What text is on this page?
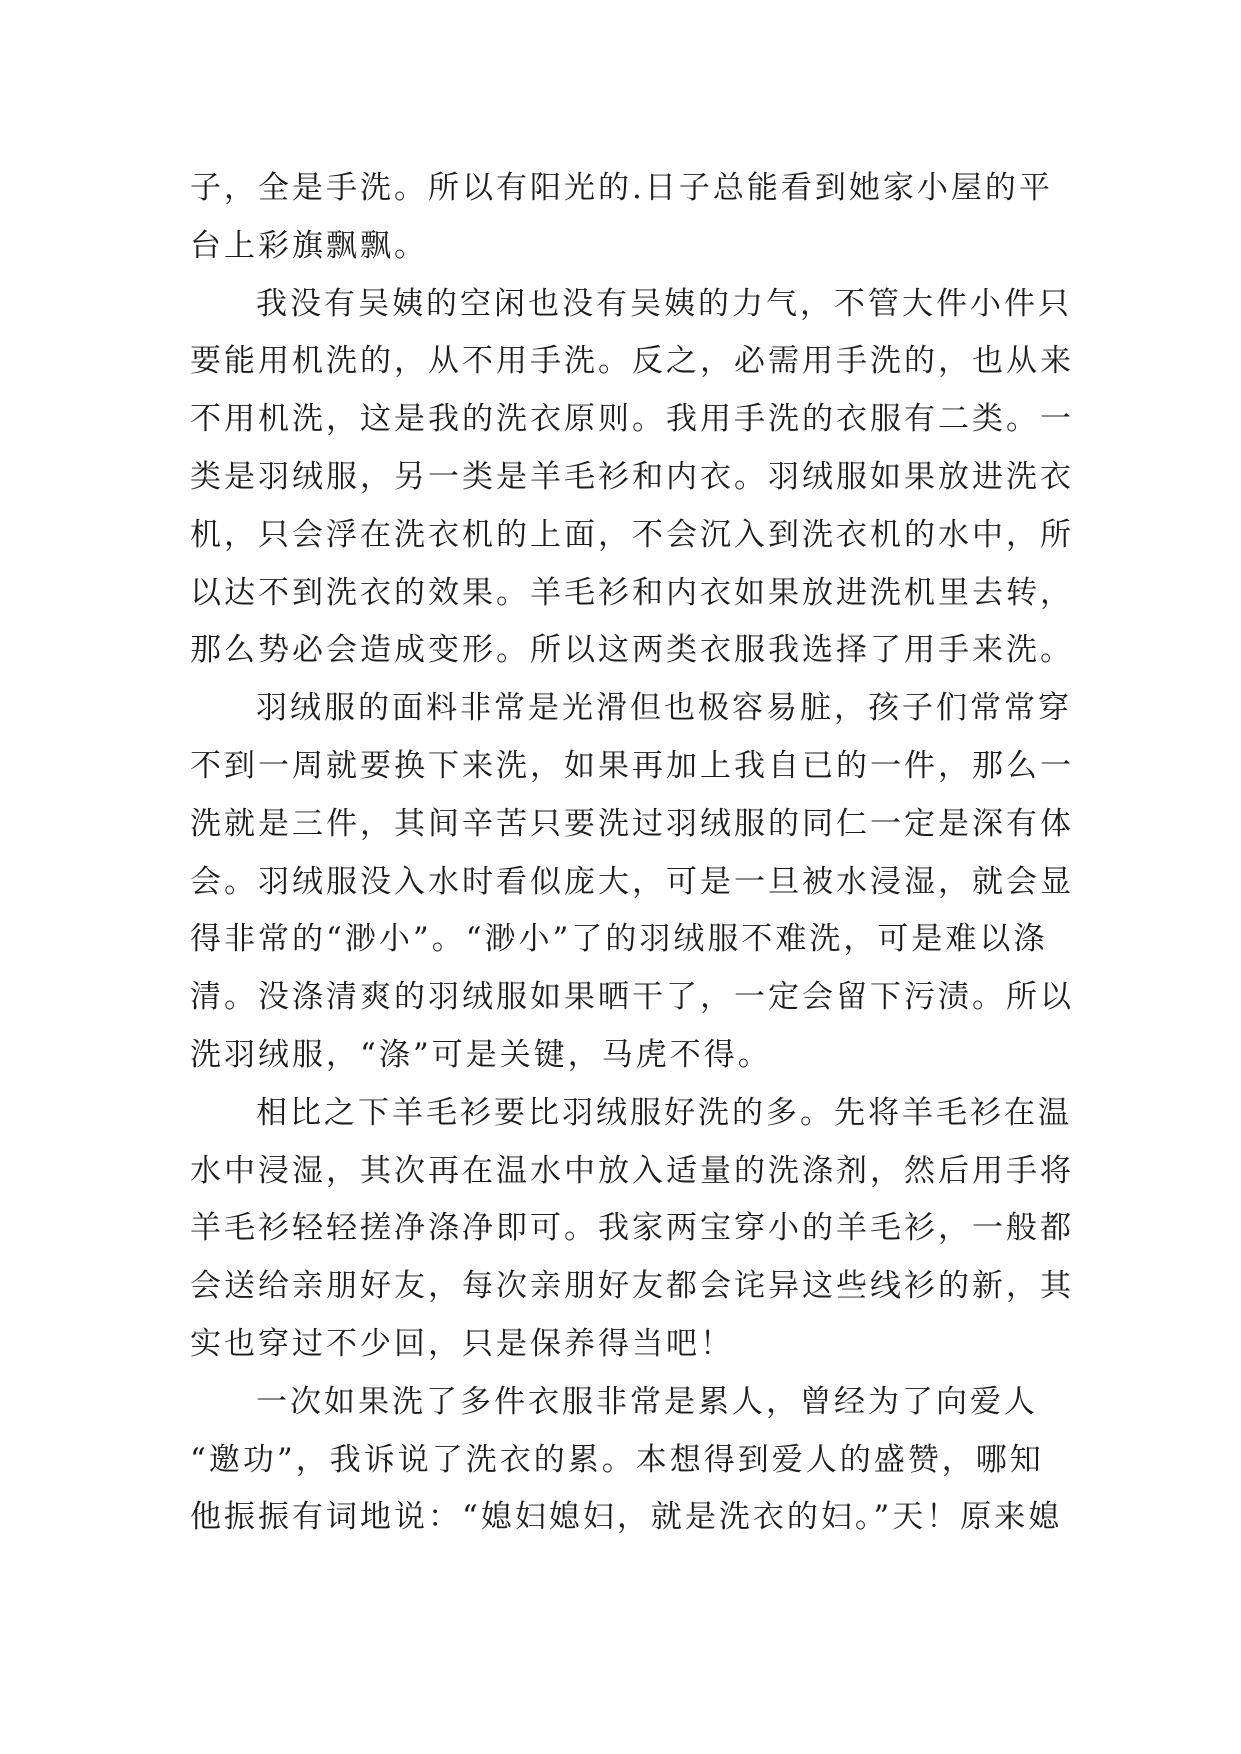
子，全是手洗。所以有阳光的.日子总能看到她家小屋的平
台上彩旗飘飘。
我没有吴姨的空闲也没有吴姨的力气，不管大件小件只
要能用机洗的，从不用手洗。反之，必需用手洗的，也从来
不用机洗，这是我的洗衣原则。我用手洗的衣服有二类。一
类是羽绒服，另一类是羊毛衫和内衣。羽绒服如果放进洗衣
机，只会浮在洗衣机的上面，不会沉入到洗衣机的水中，所
以达不到洗衣的效果。羊毛衫和内衣如果放进洗机里去转，
那么势必会造成变形。所以这两类衣服我选择了用手来洗。
羽绒服的面料非常是光滑但也极容易脏，孩子们常常穿
不到一周就要换下来洗，如果再加上我自已的一件，那么一
洗就是三件，其间辛苦只要洗过羽绒服的同仁一定是深有体
会。羽绒服没入水时看似庞大，可是一旦被水浸湿，就会显
得非常的“渺小”。“渺小”了的羽绒服不难洗，可是难以涤
清。没涤清爽的羽绒服如果晒干了，一定会留下污渍。所以
洗羽绒服，“涤”可是关键，马虎不得。
相比之下羊毛衫要比羽绒服好洗的多。先将羊毛衫在温
水中浸湿，其次再在温水中放入适量的洗涤剂，然后用手将
羊毛衫轻轻搓净涤净即可。我家两宝穿小的羊毛衫，一般都
会送给亲朋好友，每次亲朋好友都会诧异这些线衫的新，其
实也穿过不少回，只是保养得当吧！
一次如果洗了多件衣服非常是累人，曾经为了向爱人
“邀功”，我诉说了洗衣的累。本想得到爱人的盛赞，哪知
他振振有词地说：“媳妇媳妇，就是洗衣的妇。”天！原来媳
